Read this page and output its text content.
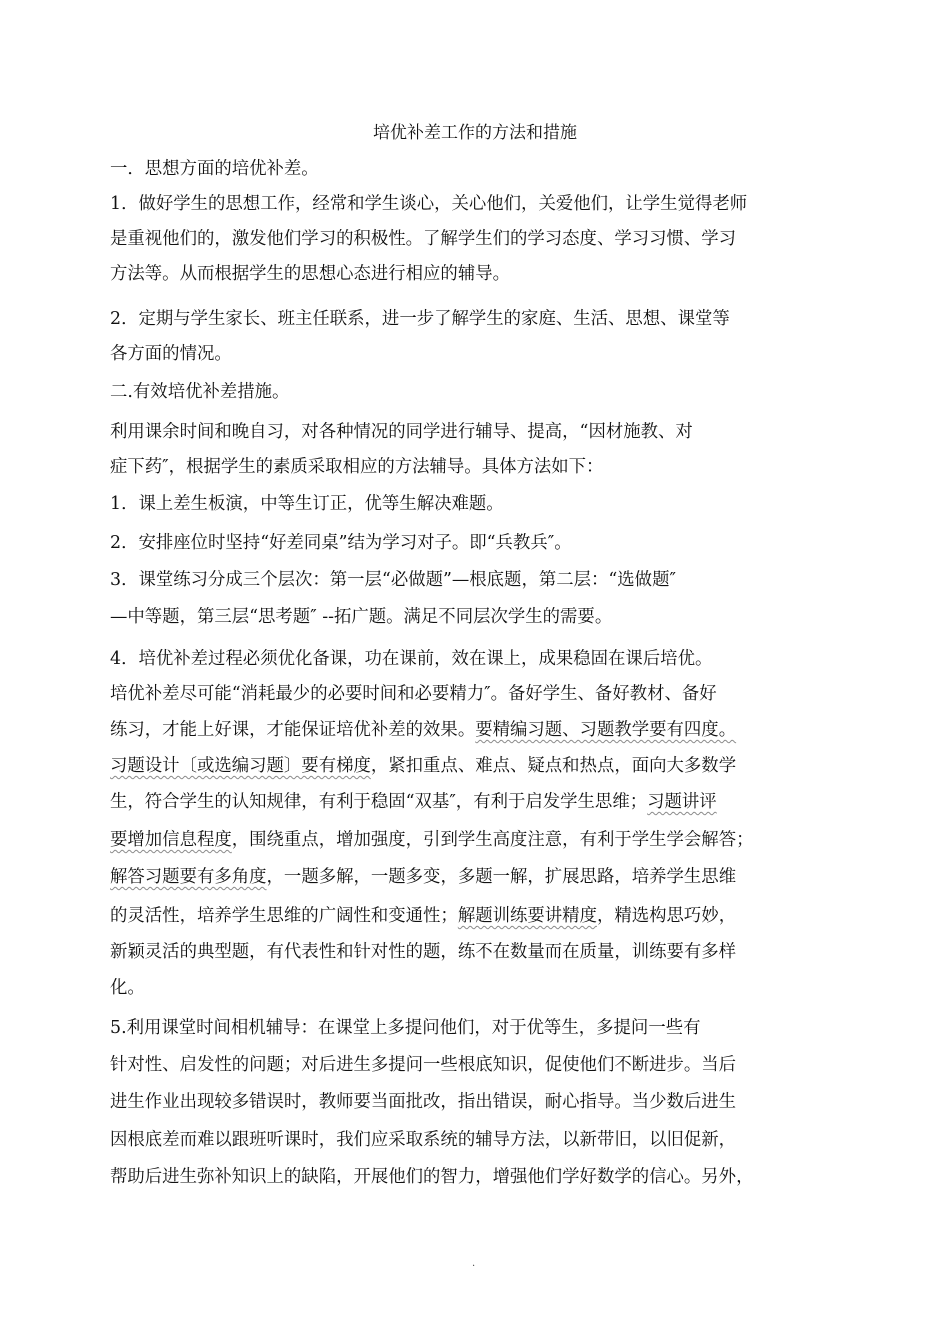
培优补差工作的方法和措施
一．思想方面的培优补差。
1．做好学生的思想工作，经常和学生谈心，关心他们，关爱他们，让学生觉得老师
是重视他们的，激发他们学习的积极性。了解学生们的学习态度、学习习惯、学习
方法等。从而根据学生的思想心态进行相应的辅导。
2．定期与学生家长、班主任联系，进一步了解学生的家庭、生活、思想、课堂等
各方面的情况。
二.有效培优补差措施。
利用课余时间和晚自习，对各种情况的同学进行辅导、提高，“因材施教、对
症下药″，根据学生的素质采取相应的方法辅导。具体方法如下：
1．课上差生板演，中等生订正，优等生解决难题。
2．安排座位时坚持“好差同桌”结为学习对子。即“兵教兵″。
3．课堂练习分成三个层次：第一层“必做题”—根底题，第二层：“选做题″
—中等题，第三层“思考题″ --拓广题。满足不同层次学生的需要。
4．培优补差过程必须优化备课，功在课前，效在课上，成果稳固在课后培优。
培优补差尽可能“消耗最少的必要时间和必要精力″。备好学生、备好教材、备好
练习，才能上好课，才能保证培优补差的效果。要精编习题、习题教学要有四度。
习题设计〔或选编习题〕要有梯度，紧扣重点、难点、疑点和热点，面向大多数学
生，符合学生的认知规律，有利于稳固“双基″，有利于启发学生思维；习题讲评
要增加信息程度，围绕重点，增加强度，引到学生高度注意，有利于学生学会解答；
解答习题要有多角度，一题多解，一题多变，多题一解，扩展思路，培养学生思维
的灵活性，培养学生思维的广阔性和变通性；解题训练要讲精度，精选构思巧妙，
新颖灵活的典型题，有代表性和针对性的题，练不在数量而在质量，训练要有多样
化。
5.利用课堂时间相机辅导：在课堂上多提问他们，对于优等生，多提问一些有
针对性、启发性的问题；对后进生多提问一些根底知识，促使他们不断进步。当后
进生作业出现较多错误时，教师要当面批改，指出错误，耐心指导。当少数后进生
因根底差而难以跟班听课时，我们应采取系统的辅导方法，以新带旧，以旧促新，
帮助后进生弥补知识上的缺陷，开展他们的智力，增强他们学好数学的信心。另外，
.
